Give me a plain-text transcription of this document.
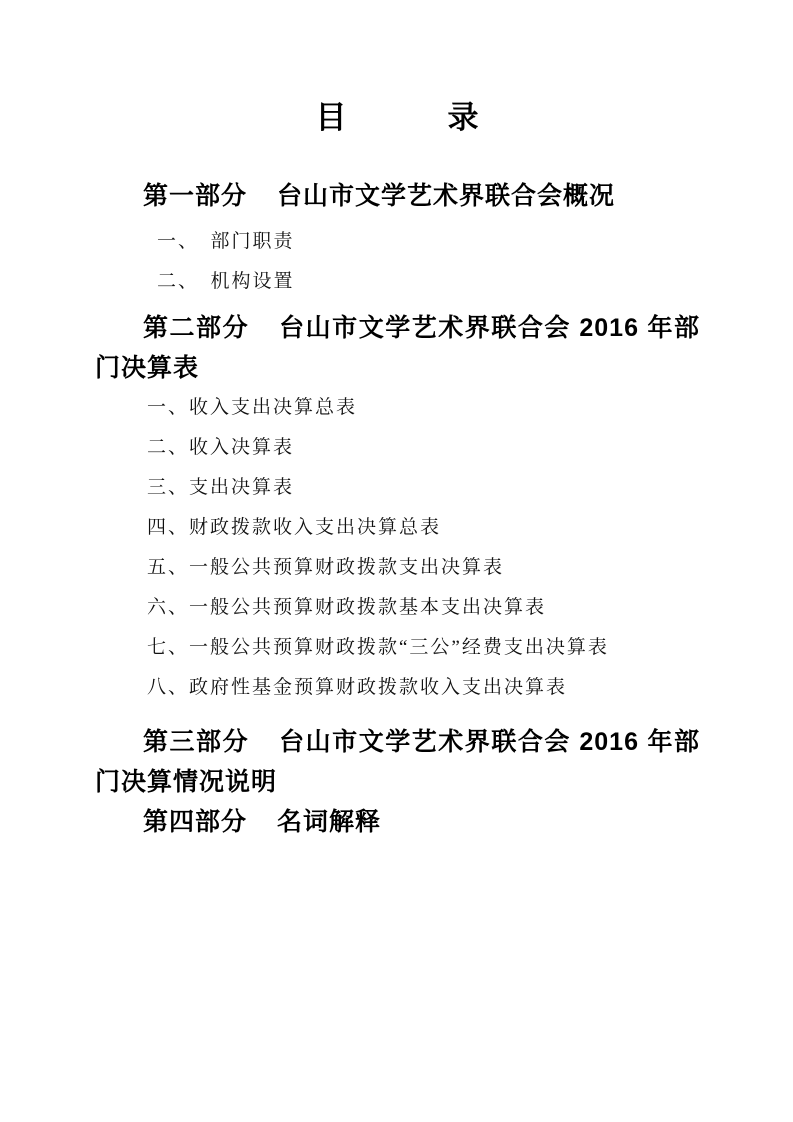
目	录

第一部分 台山市文学艺术界联合会概况

一、　部门职责
二、　机构设置

第二部分 台山市文学艺术界联合会 2016 年部门决算表

一、收入支出决算总表
二、收入决算表
三、支出决算表
四、财政拨款收入支出决算总表
五、一般公共预算财政拨款支出决算表
六、一般公共预算财政拨款基本支出决算表
七、一般公共预算财政拨款“三公”经费支出决算表
八、政府性基金预算财政拨款收入支出决算表

第三部分 台山市文学艺术界联合会 2016 年部门决算情况说明

第四部分 名词解释
